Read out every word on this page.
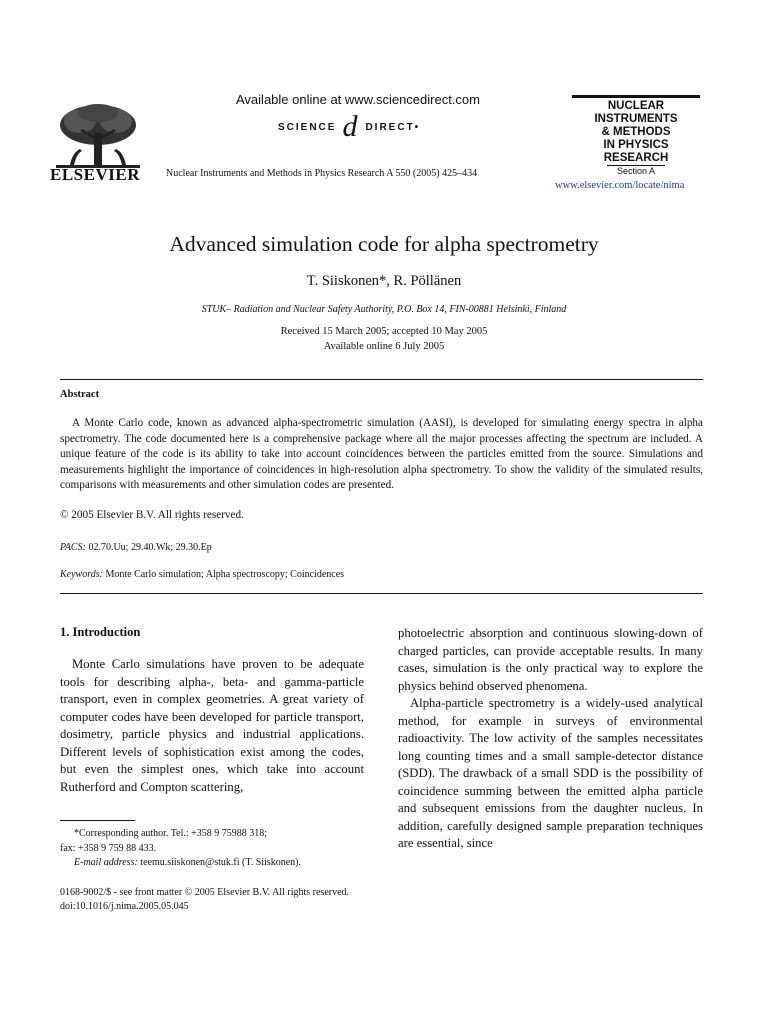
ELSEVIER
Available online at www.sciencedirect.com
SCIENCE d DIRECT•
Nuclear Instruments and Methods in Physics Research A 550 (2005) 425–434
NUCLEAR
INSTRUMENTS
& METHODS
IN PHYSICS
RESEARCH
Section A
www.elsevier.com/locate/nima
Advanced simulation code for alpha spectrometry
T. Siiskonen*, R. Pöllänen
STUK– Radiation and Nuclear Safety Authority, P.O. Box 14, FIN-00881 Helsinki, Finland
Received 15 March 2005; accepted 10 May 2005
Available online 6 July 2005
Abstract
A Monte Carlo code, known as advanced alpha-spectrometric simulation (AASI), is developed for simulating energy spectra in alpha spectrometry. The code documented here is a comprehensive package where all the major processes affecting the spectrum are included. A unique feature of the code is its ability to take into account coincidences between the particles emitted from the source. Simulations and measurements highlight the importance of coincidences in high-resolution alpha spectrometry. To show the validity of the simulated results, comparisons with measurements and other simulation codes are presented.
© 2005 Elsevier B.V. All rights reserved.
PACS: 02.70.Uu; 29.40.Wk; 29.30.Ep
Keywords: Monte Carlo simulation; Alpha spectroscopy; Coincidences
1. Introduction
Monte Carlo simulations have proven to be adequate tools for describing alpha-, beta- and gamma-particle transport, even in complex geometries. A great variety of computer codes have been developed for particle transport, dosimetry, particle physics and industrial applications. Different levels of sophistication exist among the codes, but even the simplest ones, which take into account Rutherford and Compton scattering,

photoelectric absorption and continuous slowing-down of charged particles, can provide acceptable results. In many cases, simulation is the only practical way to explore the physics behind observed phenomena.

Alpha-particle spectrometry is a widely-used analytical method, for example in surveys of environmental radioactivity. The low activity of the samples necessitates long counting times and a small sample-detector distance (SDD). The drawback of a small SDD is the possibility of coincidence summing between the emitted alpha particle and subsequent emissions from the daughter nucleus. In addition, carefully designed sample preparation techniques are essential, since

*Corresponding author. Tel.: +358 9 75988 318;
fax: +358 9 759 88 433.
E-mail address: teemu.siiskonen@stuk.fi (T. Siiskonen).
0168-9002/$ - see front matter © 2005 Elsevier B.V. All rights reserved.
doi:10.1016/j.nima.2005.05.045
